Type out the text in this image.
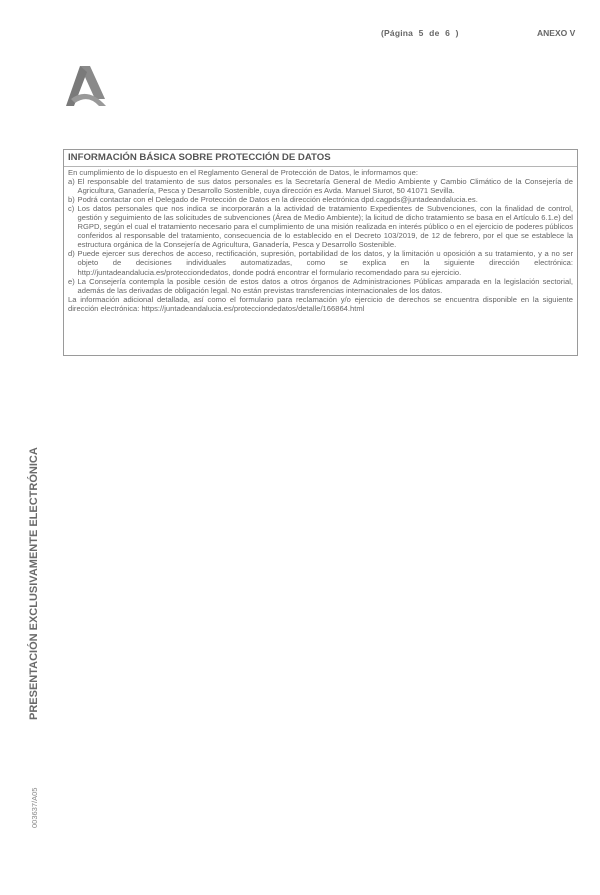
(Página 5 de 6 )	ANEXO V
INFORMACIÓN BÁSICA SOBRE PROTECCIÓN DE DATOS

En cumplimiento de lo dispuesto en el Reglamento General de Protección de Datos, le informamos que:

a) El responsable del tratamiento de sus datos personales es la Secretaría General de Medio Ambiente y Cambio Climático de la Consejería de Agricultura, Ganadería, Pesca y Desarrollo Sostenible, cuya dirección es Avda. Manuel Siurot, 50 41071 Sevilla.
b) Podrá contactar con el Delegado de Protección de Datos en la dirección electrónica dpd.cagpds@juntadeandalucia.es.
c) Los datos personales que nos indica se incorporarán a la actividad de tratamiento Expedientes de Subvenciones, con la finalidad de control, gestión y seguimiento de las solicitudes de subvenciones (Área de Medio Ambiente); la licitud de dicho tratamiento se basa en el Artículo 6.1.e) del RGPD, según el cual el tratamiento necesario para el cumplimiento de una misión realizada en interés público o en el ejercicio de poderes públicos conferidos al responsable del tratamiento, consecuencia de lo establecido en el Decreto 103/2019, de 12 de febrero, por el que se establece la estructura orgánica de la Consejería de Agricultura, Ganadería, Pesca y Desarrollo Sostenible.
d) Puede ejercer sus derechos de acceso, rectificación, supresión, portabilidad de los datos, y la limitación u oposición a su tratamiento, y a no ser objeto de decisiones individuales automatizadas, como se explica en la siguiente dirección electrónica: http://juntadeandalucia.es/protecciondedatos, donde podrá encontrar el formulario recomendado para su ejercicio.
e) La Consejería contempla la posible cesión de estos datos a otros órganos de Administraciones Públicas amparada en la legislación sectorial, además de las derivadas de obligación legal. No están previstas transferencias internacionales de los datos.

La información adicional detallada, así como el formulario para reclamación y/o ejercicio de derechos se encuentra disponible en la siguiente dirección electrónica: https://juntadeandalucia.es/protecciondedatos/detalle/166864.html

PRESENTACIÓN EXCLUSIVAMENTE ELECTRÓNICA
003637/A05
